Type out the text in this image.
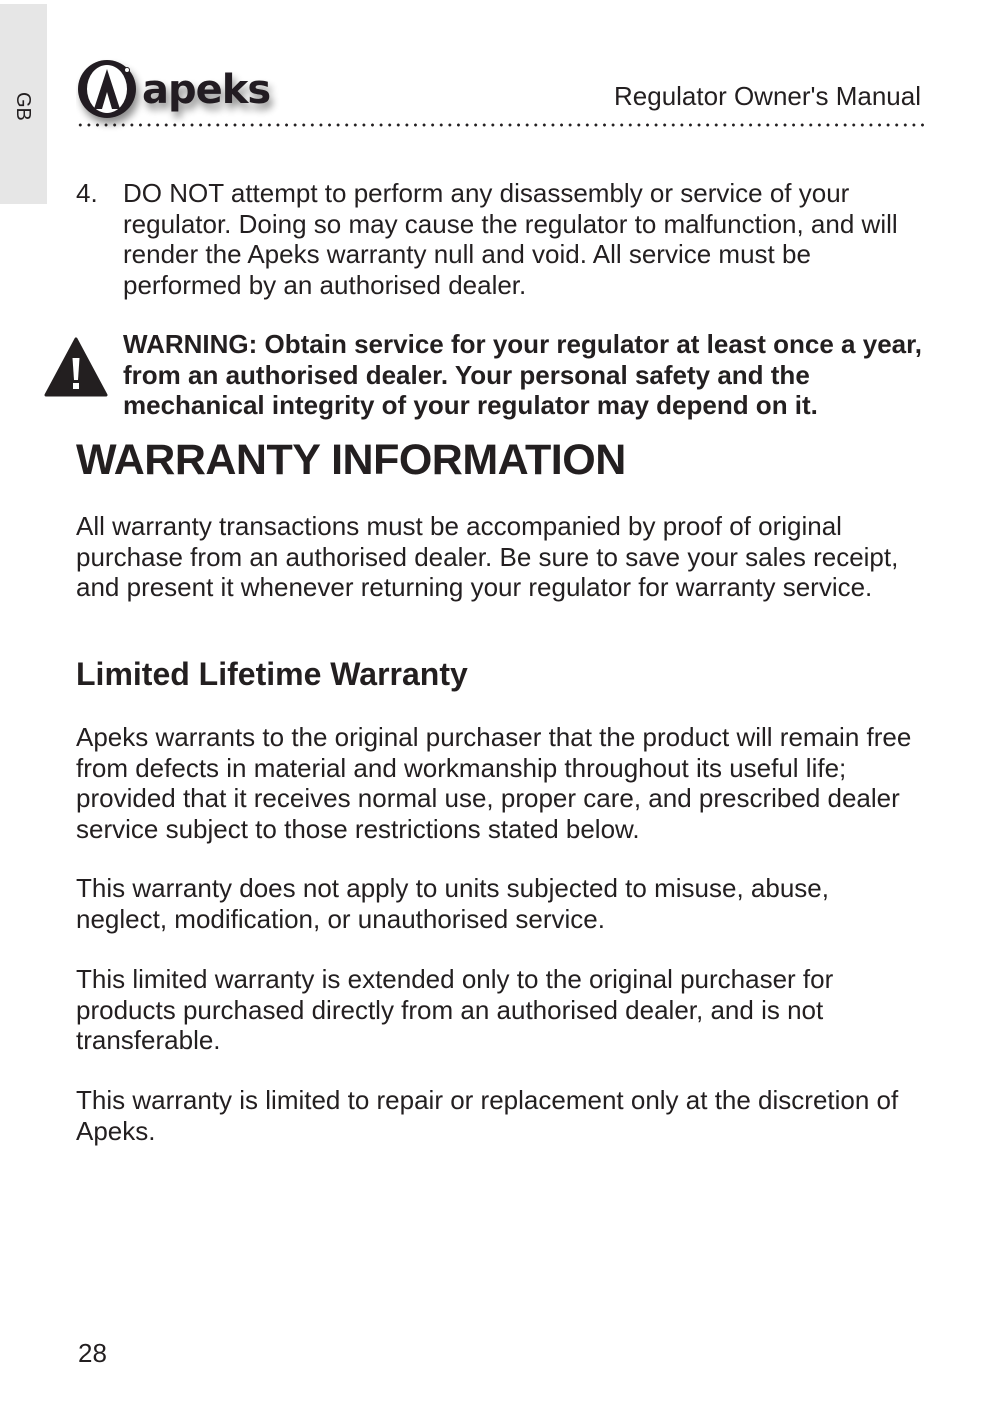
GB	apeks	Regulator Owner's Manual
4. DO NOT attempt to perform any disassembly or service of your regulator. Doing so may cause the regulator to malfunction, and will render the Apeks warranty null and void. All service must be performed by an authorised dealer.
WARNING: Obtain service for your regulator at least once a year, from an authorised dealer. Your personal safety and the mechanical integrity of your regulator may depend on it.
WARRANTY INFORMATION

All warranty transactions must be accompanied by proof of original purchase from an authorised dealer. Be sure to save your sales receipt, and present it whenever returning your regulator for warranty service.

Limited Lifetime Warranty

Apeks warrants to the original purchaser that the product will remain free from defects in material and workmanship throughout its useful life; provided that it receives normal use, proper care, and prescribed dealer service subject to those restrictions stated below.

This warranty does not apply to units subjected to misuse, abuse, neglect, modification, or unauthorised service.

This limited warranty is extended only to the original purchaser for products purchased directly from an authorised dealer, and is not transferable.

This warranty is limited to repair or replacement only at the discretion of Apeks.

28
